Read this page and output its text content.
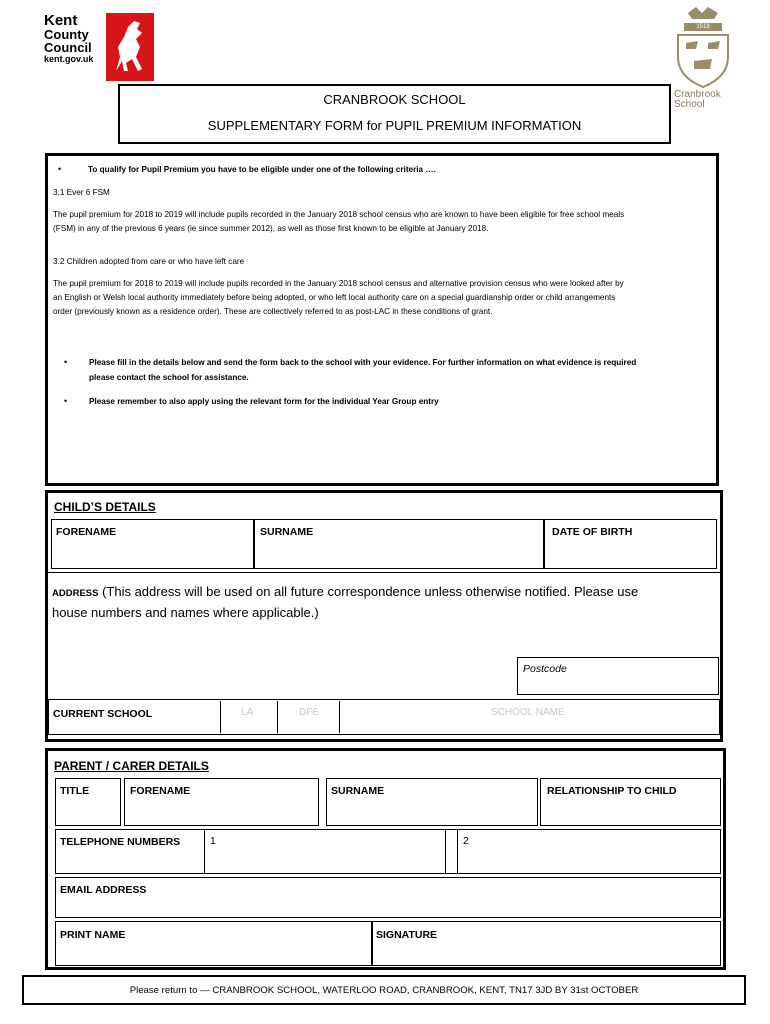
Kent
County
Council
kent.gov.uk
1518
Cranbrook
School
CRANBROOK SCHOOL
SUPPLEMENTARY FORM for PUPIL PREMIUM INFORMATION
•	To qualify for Pupil Premium you have to be eligible under one of the following criteria ….
3.1 Ever 6 FSM
The pupil premium for 2018 to 2019 will include pupils recorded in the January 2018 school census who are known to have been eligible for free school meals
(FSM) in any of the previous 6 years (ie since summer 2012), as well as those first known to be eligible at January 2018.
3.2 Children adopted from care or who have left care
The pupil premium for 2018 to 2019 will include pupils recorded in the January 2018 school census and alternative provision census who were looked after by
an English or Welsh local authority immediately before being adopted, or who left local authority care on a special guardianship order or child arrangements
order (previously known as a residence order). These are collectively referred to as post-LAC in these conditions of grant.
•	Please fill in the details below and send the form back to the school with your evidence. For further information on what evidence is required
please contact the school for assistance.
•	Please remember to also apply using the relevant form for the individual Year Group entry
CHILD’S DETAILS
FORENAME	SURNAME	DATE OF BIRTH
ADDRESS (This address will be used on all future correspondence unless otherwise notified. Please use
house numbers and names where applicable.)
Postcode
CURRENT SCHOOL	LA	DFE	SCHOOL NAME
PARENT / CARER DETAILS
TITLE	FORENAME	SURNAME	RELATIONSHIP TO CHILD
TELEPHONE NUMBERS	1	2
EMAIL ADDRESS
PRINT NAME	SIGNATURE
Please return to — CRANBROOK SCHOOL, WATERLOO ROAD, CRANBROOK, KENT, TN17 3JD BY 31st OCTOBER
